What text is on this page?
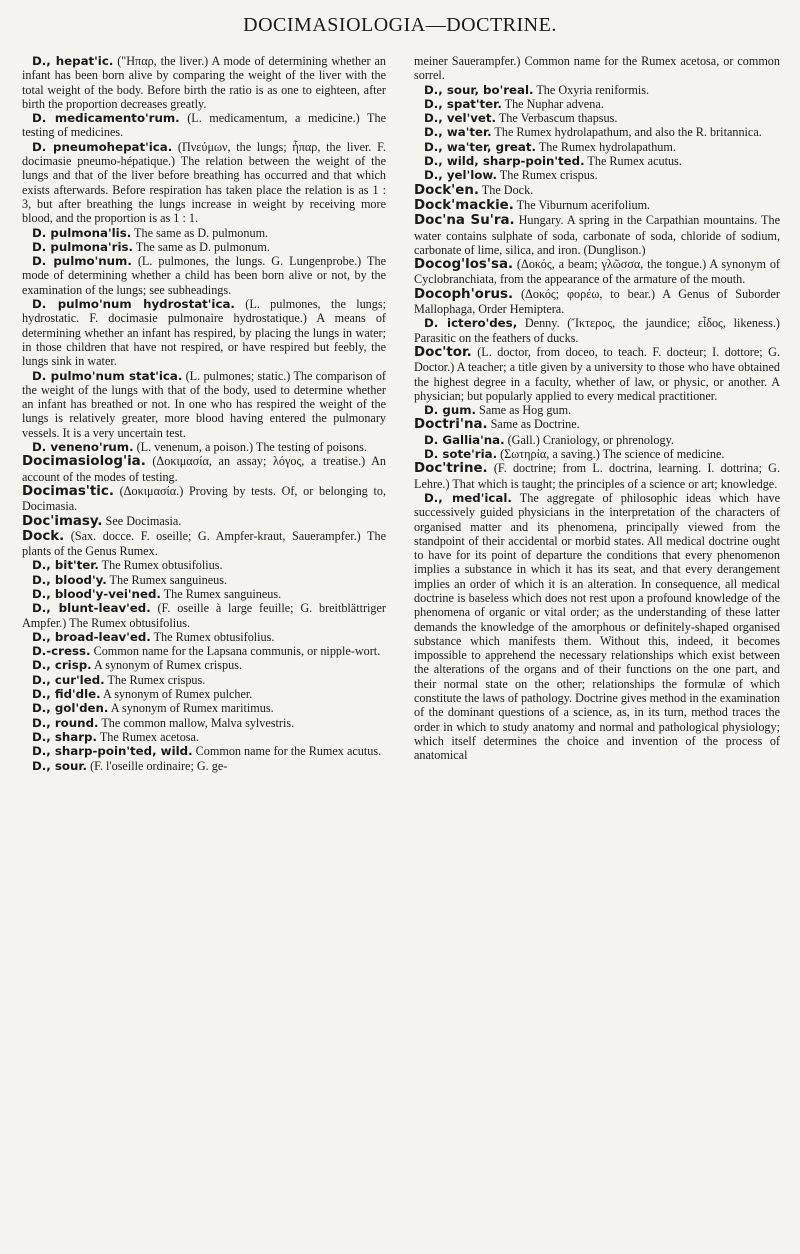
DOCIMASIOLOGIA—DOCTRINE.

D., hepat'ic. ("Ηπαρ, the liver.) A mode of determining whether an infant has been born alive by comparing the weight of the liver with the total weight of the body. Before birth the ratio is as one to eighteen, after birth the proportion decreases greatly.

D. medicamento'rum. (L. medicamentum, a medicine.) The testing of medicines.

D. pneumohepat'ica. (Πνεύμων, the lungs; ἧπαρ, the liver. F. docimasie pneumo-hépatique.) The relation between the weight of the lungs and that of the liver before breathing has occurred and that which exists afterwards. Before respiration has taken place the relation is as 1 : 3, but after breathing the lungs increase in weight by receiving more blood, and the proportion is as 1 : 1.

D. pulmona'lis. The same as D. pulmonum.

D. pulmona'ris. The same as D. pulmonum.

D. pulmo'num. (L. pulmones, the lungs. G. Lungenprobe.) The mode of determining whether a child has been born alive or not, by the examination of the lungs; see subheadings.

D. pulmo'num hydrostat'ica. (L. pulmones, the lungs; hydrostatic. F. docimasie pulmonaire hydrostatique.) A means of determining whether an infant has respired, by placing the lungs in water; in those children that have not respired, or have respired but feebly, the lungs sink in water.

D. pulmo'num stat'ica. (L. pulmones; static.) The comparison of the weight of the lungs with that of the body, used to determine whether an infant has breathed or not. In one who has respired the weight of the lungs is relatively greater, more blood having entered the pulmonary vessels. It is a very uncertain test.

D. veneno'rum. (L. venenum, a poison.) The testing of poisons.

Docimasiolog'ia. (Δοκιμασία, an assay; λόγος, a treatise.) An account of the modes of testing.

Docimas'tic. (Δοκιμασία.) Proving by tests. Of, or belonging to, Docimasia.

Doc'imasy. See Docimasia.

Dock. (Sax. docce. F. oseille; G. Ampfer-kraut, Sauerampfer.) The plants of the Genus Rumex.

D., bit'ter. The Rumex obtusifolius.

D., blood'y. The Rumex sanguineus.

D., blood'y-vei'ned. The Rumex sanguineus.

D., blunt-leav'ed. (F. oseille à large feuille; G. breitblättriger Ampfer.) The Rumex obtusifolius.

D., broad-leav'ed. The Rumex obtusifolius.

D.-cress. Common name for the Lapsana communis, or nipple-wort.

D., crisp. A synonym of Rumex crispus.

D., cur'led. The Rumex crispus.

D., fid'dle. A synonym of Rumex pulcher.

D., gol'den. A synonym of Rumex maritimus.

D., round. The common mallow, Malva sylvestris.

D., sharp. The Rumex acetosa.

D., sharp-poin'ted, wild. Common name for the Rumex acutus.

D., sour. (F. l'oseille ordinaire; G. ge-

meiner Sauerampfer.) Common name for the Rumex acetosa, or common sorrel.

D., sour, bo'real. The Oxyria reniformis.

D., spat'ter. The Nuphar advena.

D., vel'vet. The Verbascum thapsus.

D., wa'ter. The Rumex hydrolapathum, and also the R. britannica.

D., wa'ter, great. The Rumex hydrolapathum.

D., wild, sharp-poin'ted. The Rumex acutus.

D., yel'low. The Rumex crispus.

Dock'en. The Dock.

Dock'mackie. The Viburnum acerifolium.

Doc'na Su'ra. Hungary. A spring in the Carpathian mountains. The water contains sulphate of soda, carbonate of soda, chloride of sodium, carbonate of lime, silica, and iron. (Dunglison.)

Docog'los'sa. (Δοκός, a beam; γλῶσσα, the tongue.) A synonym of Cyclobranchiata, from the appearance of the armature of the mouth.

Docoph'orus. (Δοκός; φορέω, to bear.) A Genus of Suborder Mallophaga, Order Hemiptera.

D. ictero'des, Denny. (Ἴκτερος, the jaundice; εἶδος, likeness.) Parasitic on the feathers of ducks.

Doc'tor. (L. doctor, from doceo, to teach. F. docteur; I. dottore; G. Doctor.) A teacher; a title given by a university to those who have obtained the highest degree in a faculty, whether of law, or physic, or another. A physician; but popularly applied to every medical practitioner.

D. gum. Same as Hog gum.

Doctri'na. Same as Doctrine.

D. Gallia'na. (Gall.) Craniology, or phrenology.

D. sote'ria. (Σωτηρία, a saving.) The science of medicine.

Doc'trine. (F. doctrine; from L. doctrina, learning. I. dottrina; G. Lehre.) That which is taught; the principles of a science or art; knowledge.

D., med'ical. The aggregate of philosophic ideas which have successively guided physicians in the interpretation of the characters of organised matter and its phenomena, principally viewed from the standpoint of their accidental or morbid states. All medical doctrine ought to have for its point of departure the conditions that every phenomenon implies a substance in which it has its seat, and that every derangement implies an order of which it is an alteration. In consequence, all medical doctrine is baseless which does not rest upon a profound knowledge of the phenomena of organic or vital order; as the understanding of these latter demands the knowledge of the amorphous or definitely-shaped organised substance which manifests them. Without this, indeed, it becomes impossible to apprehend the necessary relationships which exist between the alterations of the organs and of their functions on the one part, and their normal state on the other; relationships the formulæ of which constitute the laws of pathology. Doctrine gives method in the examination of the dominant questions of a science, as, in its turn, method traces the order in which to study anatomy and normal and pathological physiology; which itself determines the choice and invention of the process of anatomical
